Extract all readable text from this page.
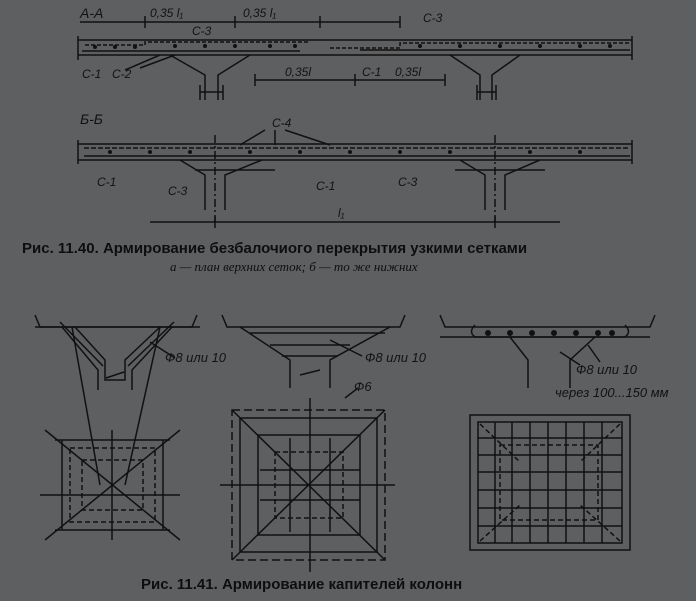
А-А	0,35 l₁	0,35 l₁	С-3
С-3
С-1 С-2	0,35l	С-1 0,35l
Б-Б	С-4
С-1
С-3	С-1	С-3
l₁
Рис. 11.40. Армирование безбалочиого перекрытия узкими сетками
а — план верхних сеток; б — то же нижних
Ф8 или 10	Ф8 или 10
Ф8 или 10
Ф6	через 100...150 мм
Рис. 11.41. Армирование капителей колонн
